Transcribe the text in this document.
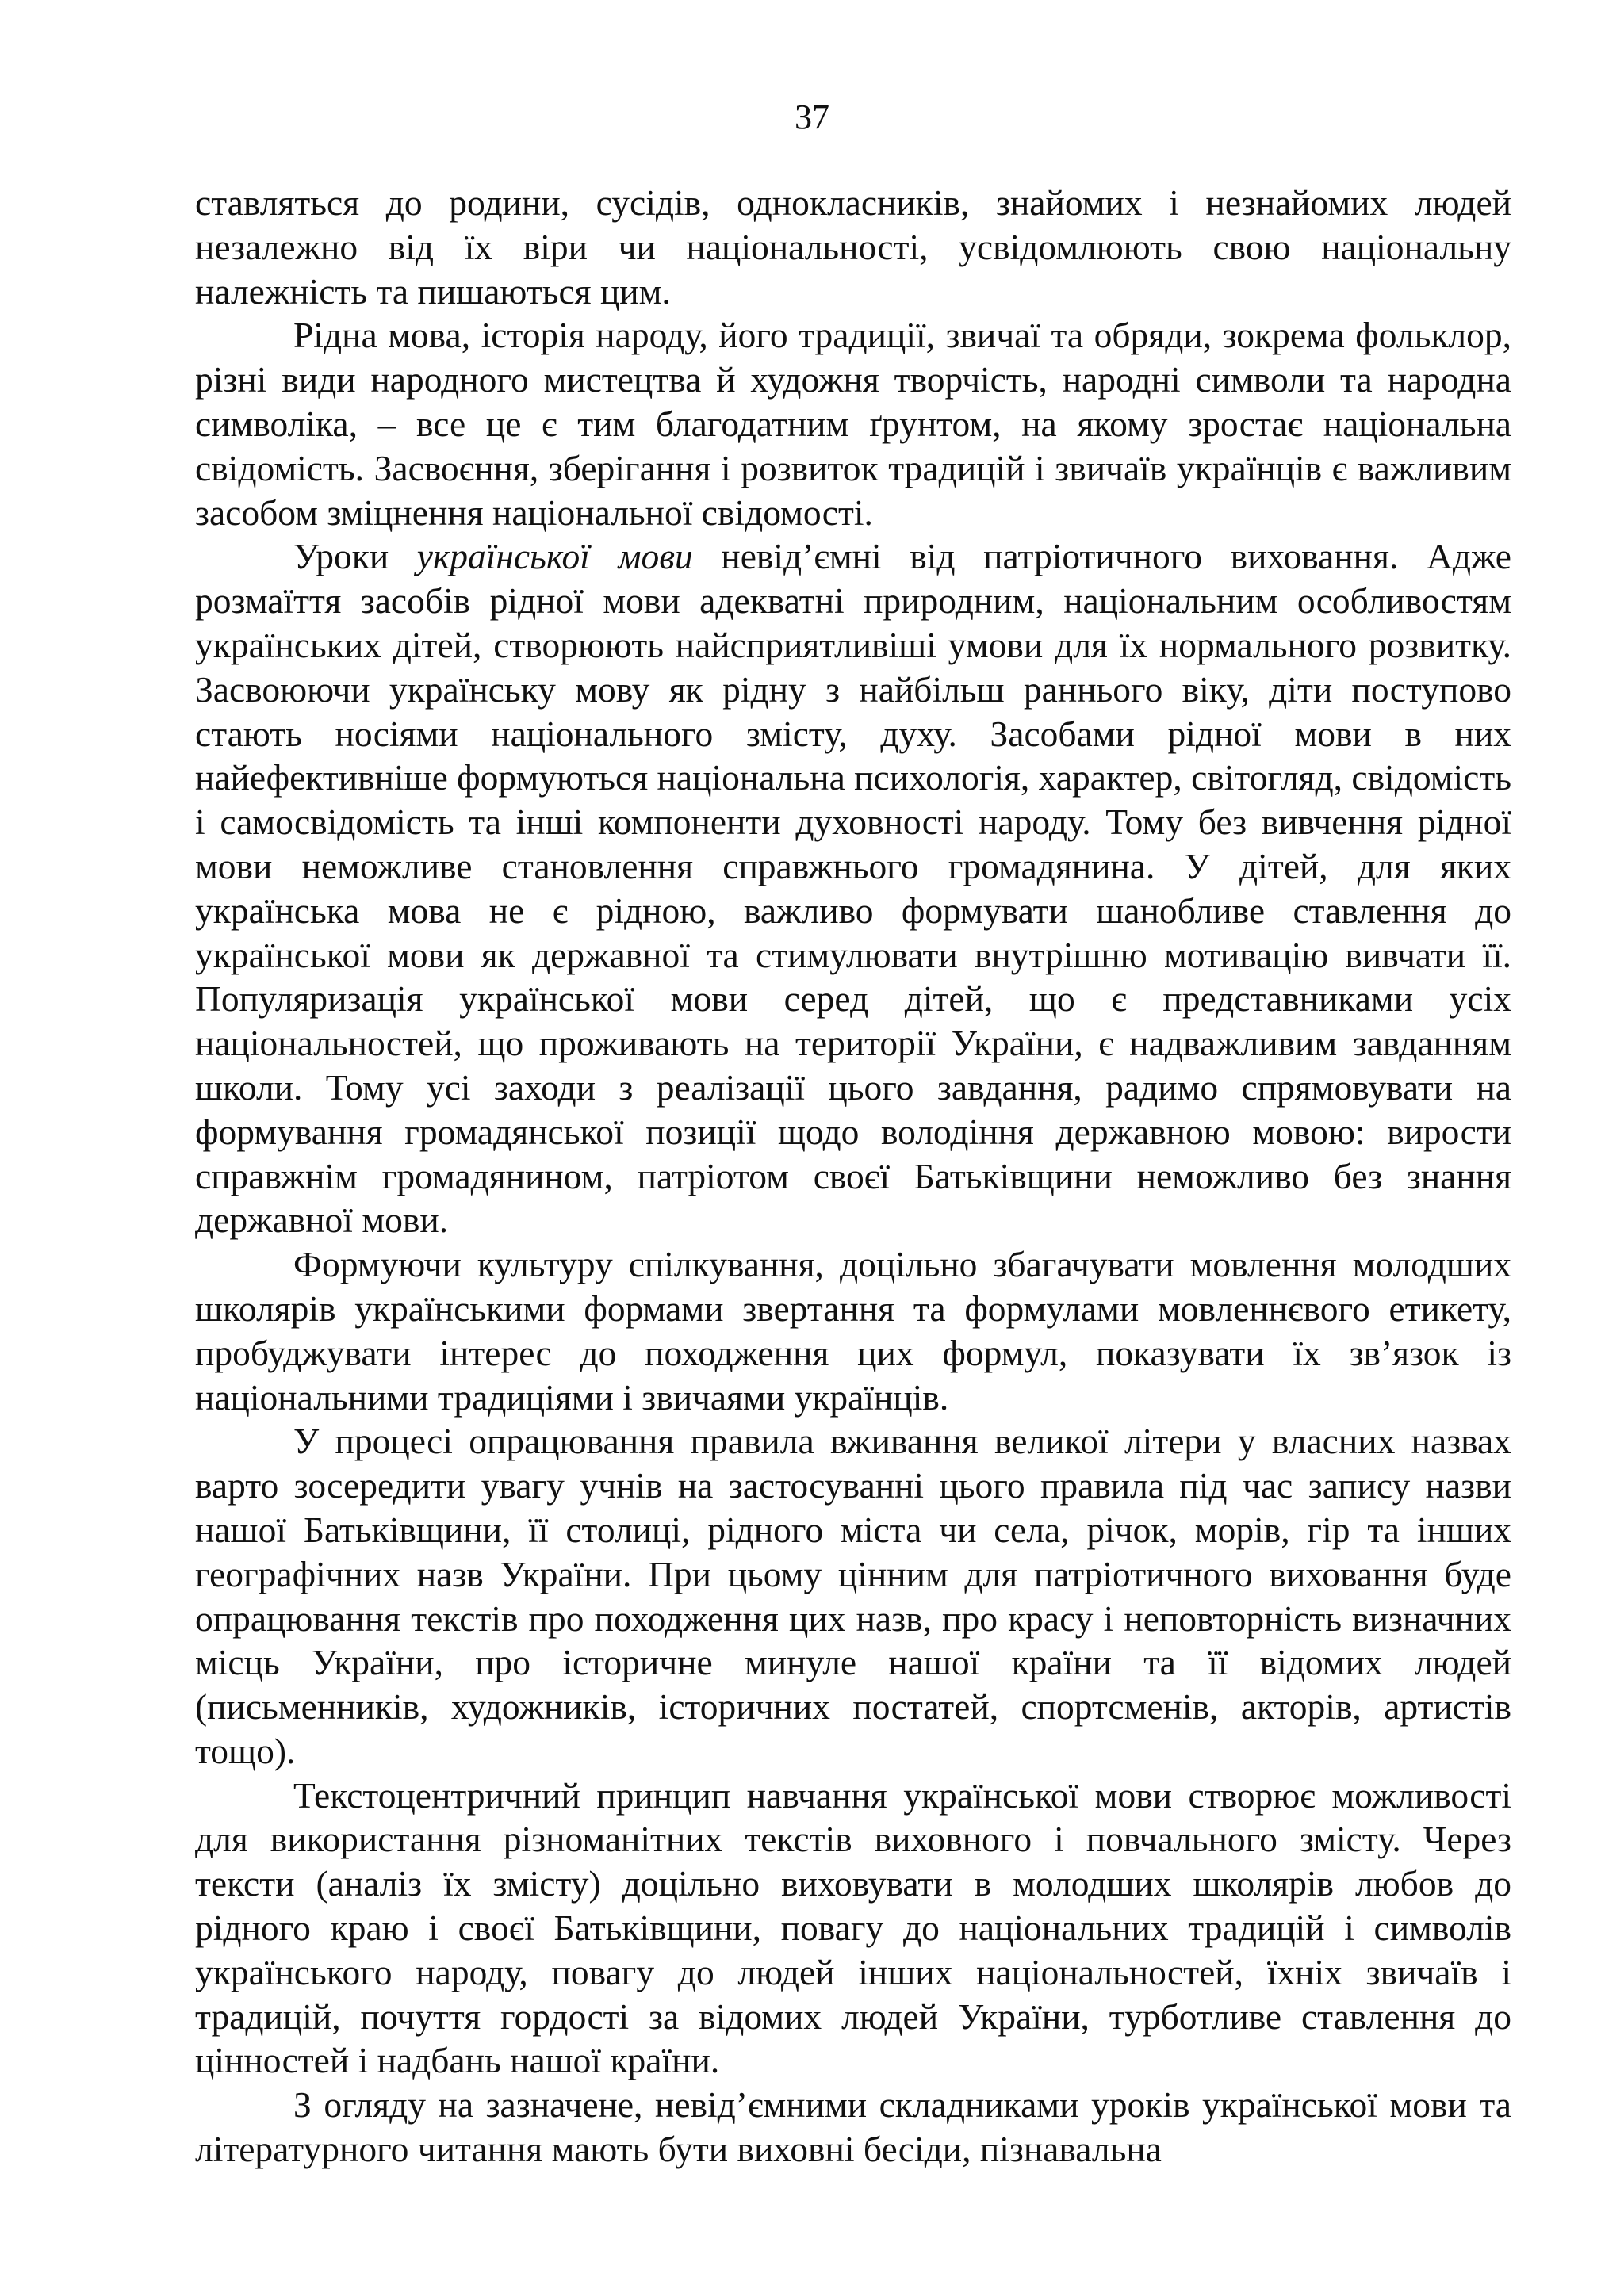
37

ставляться до родини, сусідів, однокласників, знайомих і незнайомих людей незалежно від їх віри чи національності, усвідомлюють свою національну належність та пишаються цим.

Рідна мова, історія народу, його традиції, звичаї та обряди, зокрема фольклор, різні види народного мистецтва й художня творчість, народні символи та народна символіка, – все це є тим благодатним ґрунтом, на якому зростає національна свідомість. Засвоєння, зберігання і розвиток традицій і звичаїв українців є важливим засобом зміцнення національної свідомості.

Уроки української мови невід’ємні від патріотичного виховання. Адже розмаїття засобів рідної мови адекватні природним, національним особливостям українських дітей, створюють найсприятливіші умови для їх нормального розвитку. Засвоюючи українську мову як рідну з найбільш раннього віку, діти поступово стають носіями національного змісту, духу. Засобами рідної мови в них найефективніше формуються національна психологія, характер, світогляд, свідомість і самосвідомість та інші компоненти духовності народу. Тому без вивчення рідної мови неможливе становлення справжнього громадянина. У дітей, для яких українська мова не є рідною, важливо формувати шанобливе ставлення до української мови як державної та стимулювати внутрішню мотивацію вивчати її. Популяризація української мови серед дітей, що є представниками усіх національностей, що проживають на території України, є надважливим завданням школи. Тому усі заходи з реалізації цього завдання, радимо спрямовувати на формування громадянської позиції щодо володіння державною мовою: вирости справжнім громадянином, патріотом своєї Батьківщини неможливо без знання державної мови.

Формуючи культуру спілкування, доцільно збагачувати мовлення молодших школярів українськими формами звертання та формулами мовленнєвого етикету, пробуджувати інтерес до походження цих формул, показувати їх зв’язок із національними традиціями і звичаями українців.

У процесі опрацювання правила вживання великої літери у власних назвах варто зосередити увагу учнів на застосуванні цього правила під час запису назви нашої Батьківщини, її столиці, рідного міста чи села, річок, морів, гір та інших географічних назв України. При цьому цінним для патріотичного виховання буде опрацювання текстів про походження цих назв, про красу і неповторність визначних місць України, про історичне минуле нашої країни та її відомих людей (письменників, художників, історичних постатей, спортсменів, акторів, артистів тощо).

Текстоцентричний принцип навчання української мови створює можливості для використання різноманітних текстів виховного і повчального змісту. Через тексти (аналіз їх змісту) доцільно виховувати в молодших школярів любов до рідного краю і своєї Батьківщини, повагу до національних традицій і символів українського народу, повагу до людей інших національностей, їхніх звичаїв і традицій, почуття гордості за відомих людей України, турботливе ставлення до цінностей і надбань нашої країни.

З огляду на зазначене, невід’ємними складниками уроків української мови та літературного читання мають бути виховні бесіди, пізнавальна
